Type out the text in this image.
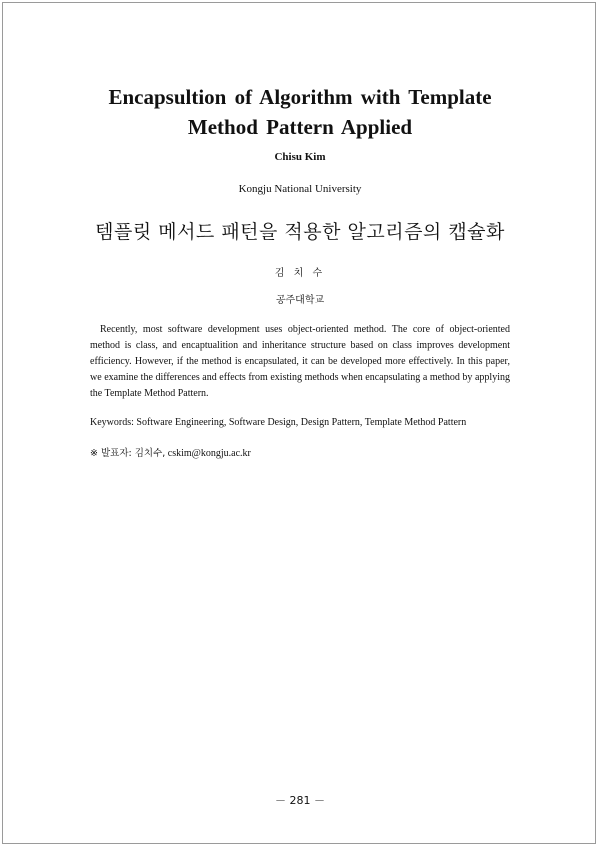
Encapsultion of Algorithm with Template
Method Pattern Applied
Chisu Kim
Kongju National University
템플릿 메서드 패턴을 적용한 알고리즘의 캡슐화
김 치 수
공주대학교

Recently, most software development uses object-oriented method. The core of object-oriented method is class, and encaptualition and inheritance structure based on class improves development efficiency. However, if the method is encapsulated, it can be developed more effectively. In this paper, we examine the differences and effects from existing methods when encapsulating a method by applying the Template Method Pattern.

Keywords: Software Engineering, Software Design, Design Pattern, Template Method Pattern

※ 발표자: 김치수, cskim@kongju.ac.kr

－ 281 －
